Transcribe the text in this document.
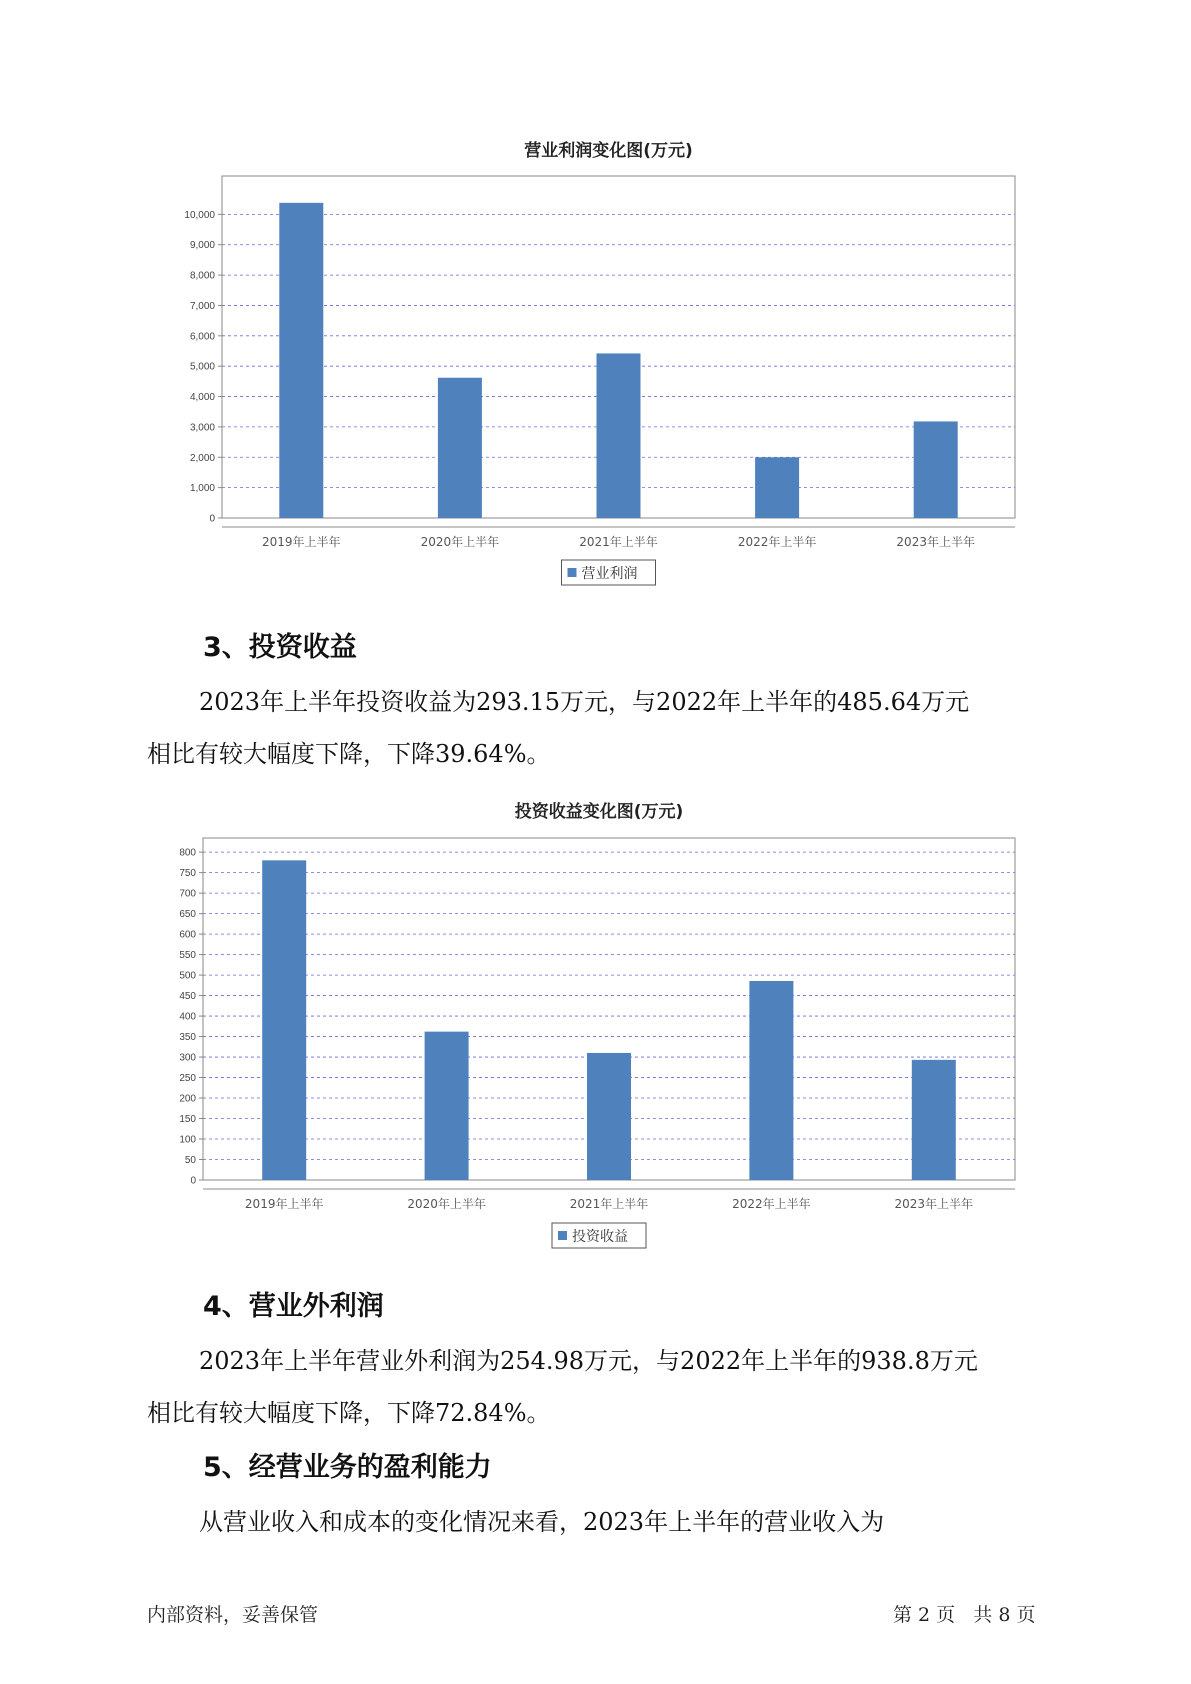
营业利润变化图(万元)
0
1,000
2,000
3,000
4,000
5,000
6,000
7,000
8,000
9,000
10,000
2019年上半年	2020年上半年	2021年上半年	2022年上半年	2023年上半年
营业利润
3、投资收益
2023年上半年投资收益为293.15万元，与2022年上半年的485.64万元
相比有较大幅度下降，下降39.64%。
投资收益变化图(万元)
0
50
100
150
200
250
300
350
400
450
500
550
600
650
700
750
800
2019年上半年	2020年上半年	2021年上半年	2022年上半年	2023年上半年
投资收益
4、营业外利润
2023年上半年营业外利润为254.98万元，与2022年上半年的938.8万元
相比有较大幅度下降，下降72.84%。
5、经营业务的盈利能力
从营业收入和成本的变化情况来看，2023年上半年的营业收入为
内部资料，妥善保管	第 2 页   共 8 页
